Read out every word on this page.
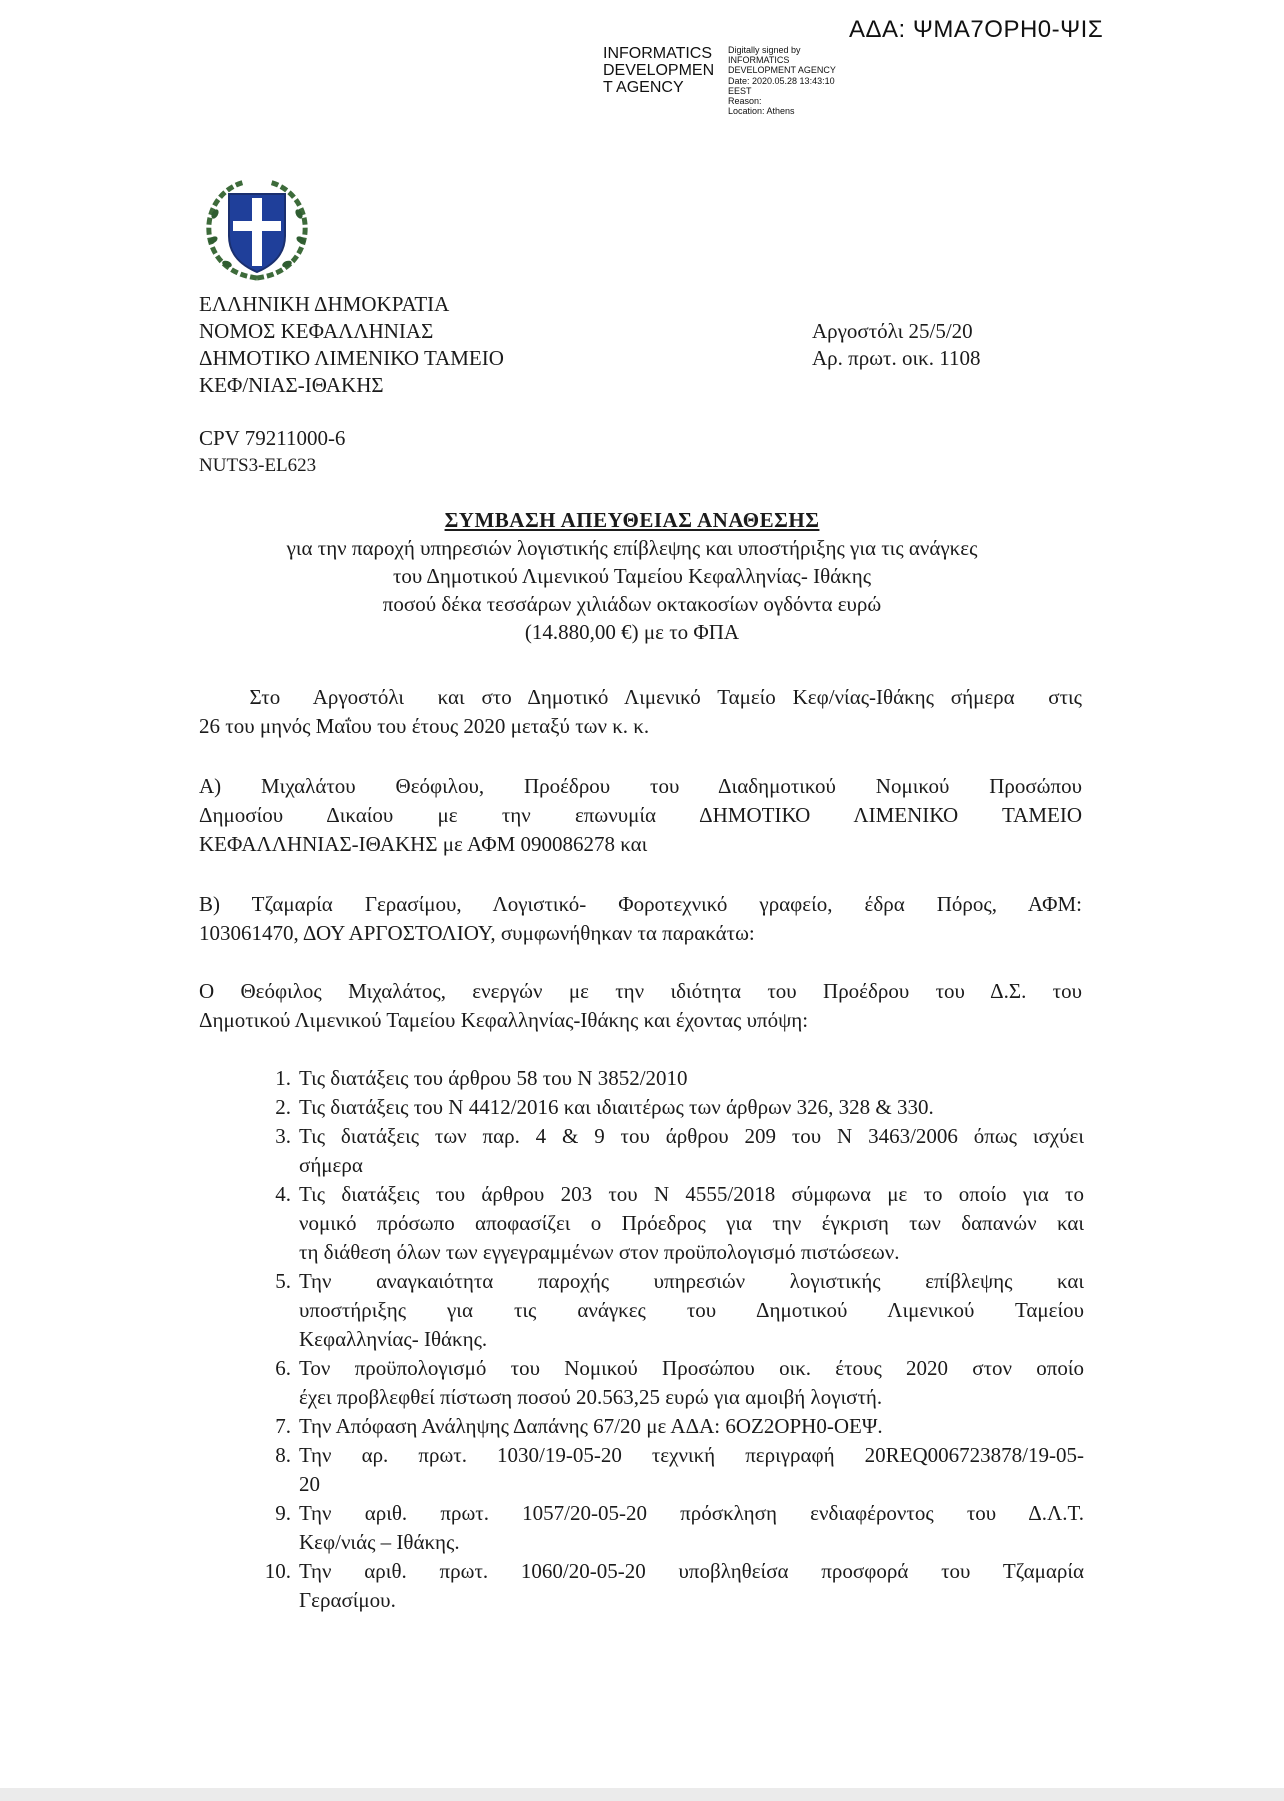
ΑΔΑ: ΨΜΑ7ΟΡΗ0-ΨΙΣ
INFORMATICS
DEVELOPMEN
T AGENCY
Digitally signed by
INFORMATICS
DEVELOPMENT AGENCY
Date: 2020.05.28 13:43:10
EEST
Reason:
Location: Athens
ΕΛΛΗΝΙΚΗ ΔΗΜΟΚΡΑΤΙΑ
ΝΟΜΟΣ ΚΕΦΑΛΛΗΝΙΑΣ
ΔΗΜΟΤΙΚΟ ΛΙΜΕΝΙΚΟ ΤΑΜΕΙΟ
ΚΕΦ/ΝΙΑΣ-ΙΘΑΚΗΣ
Αργοστόλι 25/5/20
Αρ. πρωτ. οικ. 1108
CPV 79211000-6
NUTS3-EL623
ΣΥΜΒΑΣΗ ΑΠΕΥΘΕΙΑΣ ΑΝΑΘΕΣΗΣ
για την παροχή υπηρεσιών λογιστικής επίβλεψης και υποστήριξης για τις ανάγκες
του Δημοτικού Λιμενικού Ταμείου Κεφαλληνίας- Ιθάκης
ποσού δέκα τεσσάρων χιλιάδων οκτακοσίων ογδόντα ευρώ
(14.880,00 €) με το ΦΠΑ
Στο  Αργοστόλι  και στο Δημοτικό Λιμενικό Ταμείο Κεφ/νίας-Ιθάκης σήμερα  στις
26 του μηνός Μαΐου του έτους 2020 μεταξύ των κ. κ.
Α) Μιχαλάτου Θεόφιλου, Προέδρου του Διαδημοτικού Νομικού Προσώπου
Δημοσίου Δικαίου με την επωνυμία ΔΗΜΟΤΙΚΟ ΛΙΜΕΝΙΚΟ ΤΑΜΕΙΟ
ΚΕΦΑΛΛΗΝΙΑΣ-ΙΘΑΚΗΣ με ΑΦΜ 090086278 και
Β) Τζαμαρία Γερασίμου, Λογιστικό- Φοροτεχνικό γραφείο, έδρα Πόρος, ΑΦΜ:
103061470, ΔΟΥ ΑΡΓΟΣΤΟΛΙΟΥ, συμφωνήθηκαν τα παρακάτω:
Ο Θεόφιλος Μιχαλάτος, ενεργών με την ιδιότητα του Προέδρου του Δ.Σ. του
Δημοτικού Λιμενικού Ταμείου Κεφαλληνίας-Ιθάκης και έχοντας υπόψη:
1. Τις διατάξεις του άρθρου 58 του Ν 3852/2010
2. Τις διατάξεις του Ν 4412/2016 και ιδιαιτέρως των άρθρων 326, 328 & 330.
3. Τις διατάξεις των παρ. 4 & 9 του άρθρου 209 του Ν 3463/2006 όπως ισχύει
σήμερα
4. Τις διατάξεις του άρθρου 203 του Ν 4555/2018 σύμφωνα με το οποίο για το
νομικό πρόσωπο αποφασίζει ο Πρόεδρος για την έγκριση των δαπανών και
τη διάθεση όλων των εγγεγραμμένων στον προϋπολογισμό πιστώσεων.
5. Την αναγκαιότητα παροχής υπηρεσιών λογιστικής επίβλεψης και
υποστήριξης για τις ανάγκες του Δημοτικού Λιμενικού Ταμείου
Κεφαλληνίας- Ιθάκης.
6. Τον προϋπολογισμό του Νομικού Προσώπου οικ. έτους 2020 στον οποίο
έχει προβλεφθεί πίστωση ποσού 20.563,25 ευρώ για αμοιβή λογιστή.
7. Την Απόφαση Ανάληψης Δαπάνης 67/20 με ΑΔΑ: 6ΟΖ2ΟΡΗ0-ΟΕΨ.
8. Την αρ. πρωτ. 1030/19-05-20 τεχνική περιγραφή 20REQ006723878/19-05-
20
9. Την αριθ. πρωτ. 1057/20-05-20 πρόσκληση ενδιαφέροντος του Δ.Λ.Τ.
Κεφ/νιάς – Ιθάκης.
10. Την αριθ. πρωτ. 1060/20-05-20 υποβληθείσα προσφορά του Τζαμαρία
Γερασίμου.
